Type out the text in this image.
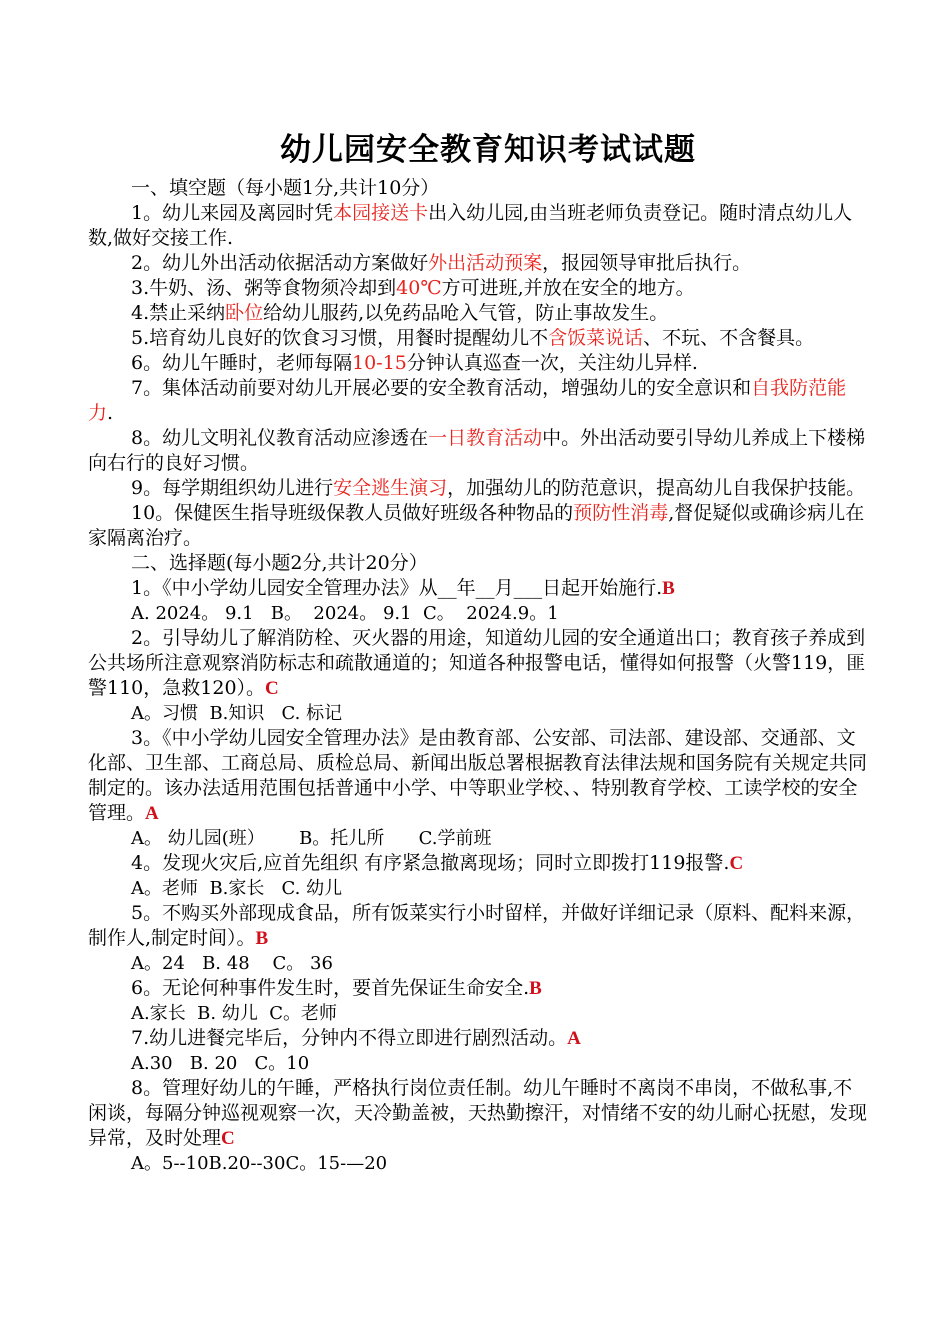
幼儿园安全教育知识考试试题

一、填空题（每小题1分,共计10分）

1。幼儿来园及离园时凭本园接送卡出入幼儿园,由当班老师负责登记。随时清点幼儿人数,做好交接工作.

2。幼儿外出活动依据活动方案做好外出活动预案，报园领导审批后执行。

3.牛奶、汤、粥等食物须冷却到40℃方可进班,并放在安全的地方。

4.禁止采纳卧位给幼儿服药,以免药品呛入气管，防止事故发生。

5.培育幼儿良好的饮食习习惯，用餐时提醒幼儿不含饭菜说话、不玩、不含餐具。

6。幼儿午睡时，老师每隔10-15分钟认真巡查一次，关注幼儿异样.

7。集体活动前要对幼儿开展必要的安全教育活动，增强幼儿的安全意识和自我防范能力.

8。幼儿文明礼仪教育活动应渗透在一日教育活动中。外出活动要引导幼儿养成上下楼梯向右行的良好习惯。

9。每学期组织幼儿进行安全逃生演习，加强幼儿的防范意识，提高幼儿自我保护技能。

10。保健医生指导班级保教人员做好班级各种物品的预防性消毒,督促疑似或确诊病儿在家隔离治疗。

二、选择题(每小题2分,共计20分）

1。《中小学幼儿园安全管理办法》从__年__月___日起开始施行.B

A. 2024。 9.1   B。  2024。 9.1  C。  2024.9。1

2。引导幼儿了解消防栓、灭火器的用途，知道幼儿园的安全通道出口；教育孩子养成到公共场所注意观察消防标志和疏散通道的；知道各种报警电话，懂得如何报警（火警119，匪警110，急救120）。C

A。习惯  B.知识   C. 标记

3。《中小学幼儿园安全管理办法》是由教育部、公安部、司法部、建设部、交通部、文化部、卫生部、工商总局、质检总局、新闻出版总署根据教育法律法规和国务院有关规定共同制定的。该办法适用范围包括普通中小学、中等职业学校、、特别教育学校、工读学校的安全管理。A

A。 幼儿园(班）      B。托儿所      C.学前班

4。发现火灾后,应首先组织 有序紧急撤离现场；同时立即拨打119报警.C

A。老师  B.家长   C. 幼儿

5。不购买外部现成食品，所有饭菜实行小时留样，并做好详细记录（原料、配料来源，制作人,制定时间）。B

A。24   B. 48    C。 36

6。无论何种事件发生时，要首先保证生命安全.B

A.家长  B. 幼儿  C。老师

7.幼儿进餐完毕后，分钟内不得立即进行剧烈活动。A

A.30   B. 20   C。10

8。管理好幼儿的午睡，严格执行岗位责任制。幼儿午睡时不离岗不串岗，不做私事,不闲谈，每隔分钟巡视观察一次，天冷勤盖被，天热勤擦汗，对情绪不安的幼儿耐心抚慰，发现异常，及时处理C

A。5--10B.20--30C。15-—20
